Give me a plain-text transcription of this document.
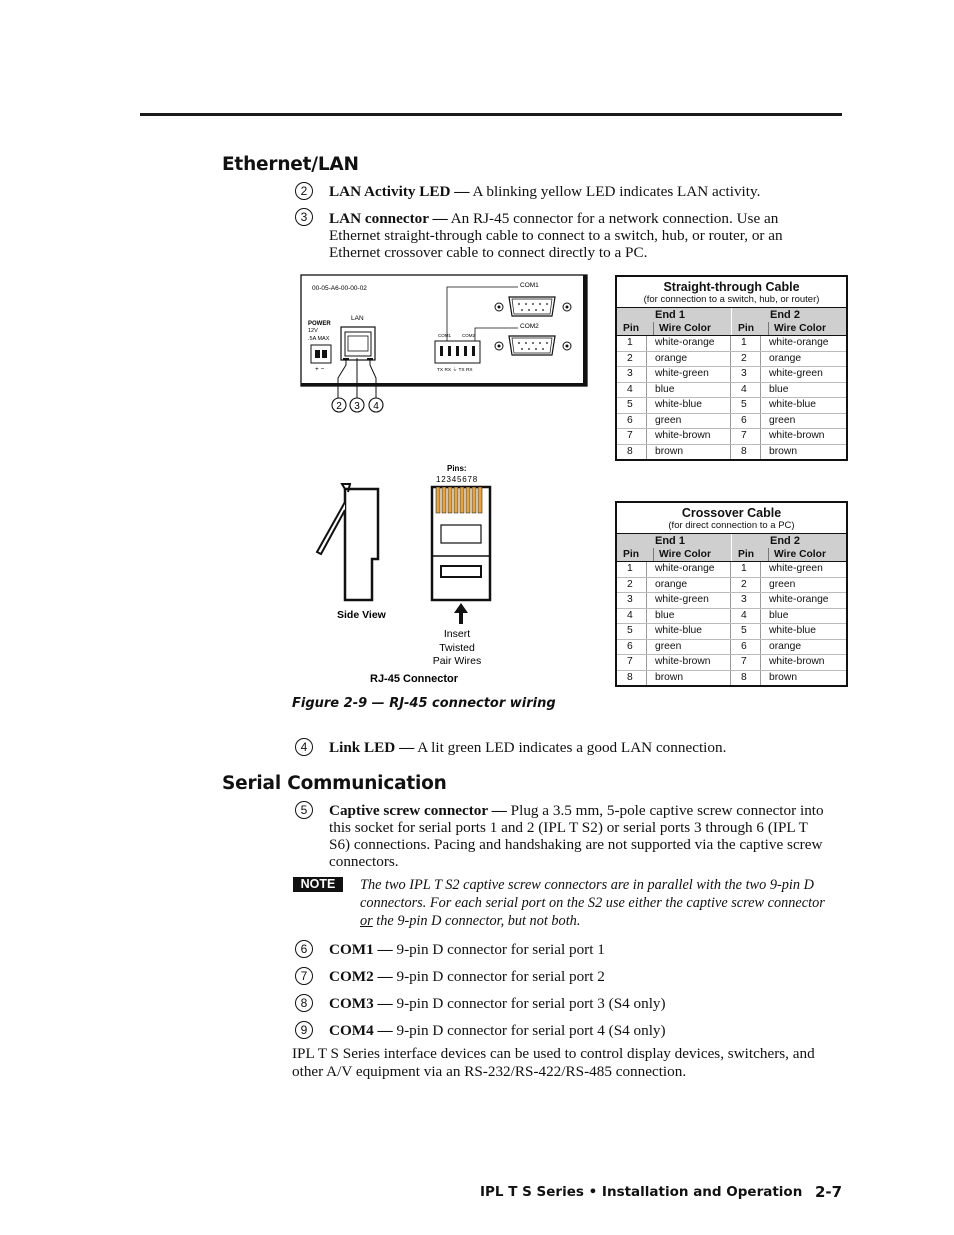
Ethernet/LAN
2	LAN Activity LED — A blinking yellow LED indicates LAN activity.
3	LAN connector — An RJ-45 connector for a network connection. Use an Ethernet straight-through cable to connect to a switch, hub, or router, or an Ethernet crossover cable to connect directly to a PC.
00-05-A6-00-00-02	COM1
COM2
LAN
POWER
12V
.5A MAX
+ −
COM1 COM2
TX RX ⏚ TX RX
2 3 4
Side View
Pins:
12345678
Insert
Twisted
Pair Wires
RJ-45 Connector
Straight-through Cable
(for connection to a switch, hub, or router)
End 1
Pin	Wire Color
End 2
Pin	Wire Color
1	white-orange	1	white-orange
2	orange	2	orange
3	white-green	3	white-green
4	blue	4	blue
5	white-blue	5	white-blue
6	green	6	green
7	white-brown	7	white-brown
8	brown	8	brown
Crossover Cable
(for direct connection to a PC)
End 1
Pin	Wire Color
End 2
Pin	Wire Color
1	white-orange	1	white-green
2	orange	2	green
3	white-green	3	white-orange
4	blue	4	blue
5	white-blue	5	white-blue
6	green	6	orange
7	white-brown	7	white-brown
8	brown	8	brown
Figure 2-9 — RJ-45 connector wiring
4	Link LED — A lit green LED indicates a good LAN connection.
Serial Communication
5	Captive screw connector — Plug a 3.5 mm, 5-pole captive screw connector into this socket for serial ports 1 and 2 (IPL T S2) or serial ports 3 through 6 (IPL T S6) connections. Pacing and handshaking are not supported via the captive screw connectors.
NOTE	The two IPL T S2 captive screw connectors are in parallel with the two 9-pin D connectors. For each serial port on the S2 use either the captive screw connector or the 9-pin D connector, but not both.
6	COM1 — 9-pin D connector for serial port 1
7	COM2 — 9-pin D connector for serial port 2
8	COM3 — 9-pin D connector for serial port 3 (S4 only)
9	COM4 — 9-pin D connector for serial port 4 (S4 only)
IPL T S Series interface devices can be used to control display devices, switchers, and other A/V equipment via an RS-232/RS-422/RS-485 connection.
IPL T S Series • Installation and Operation 2-7
